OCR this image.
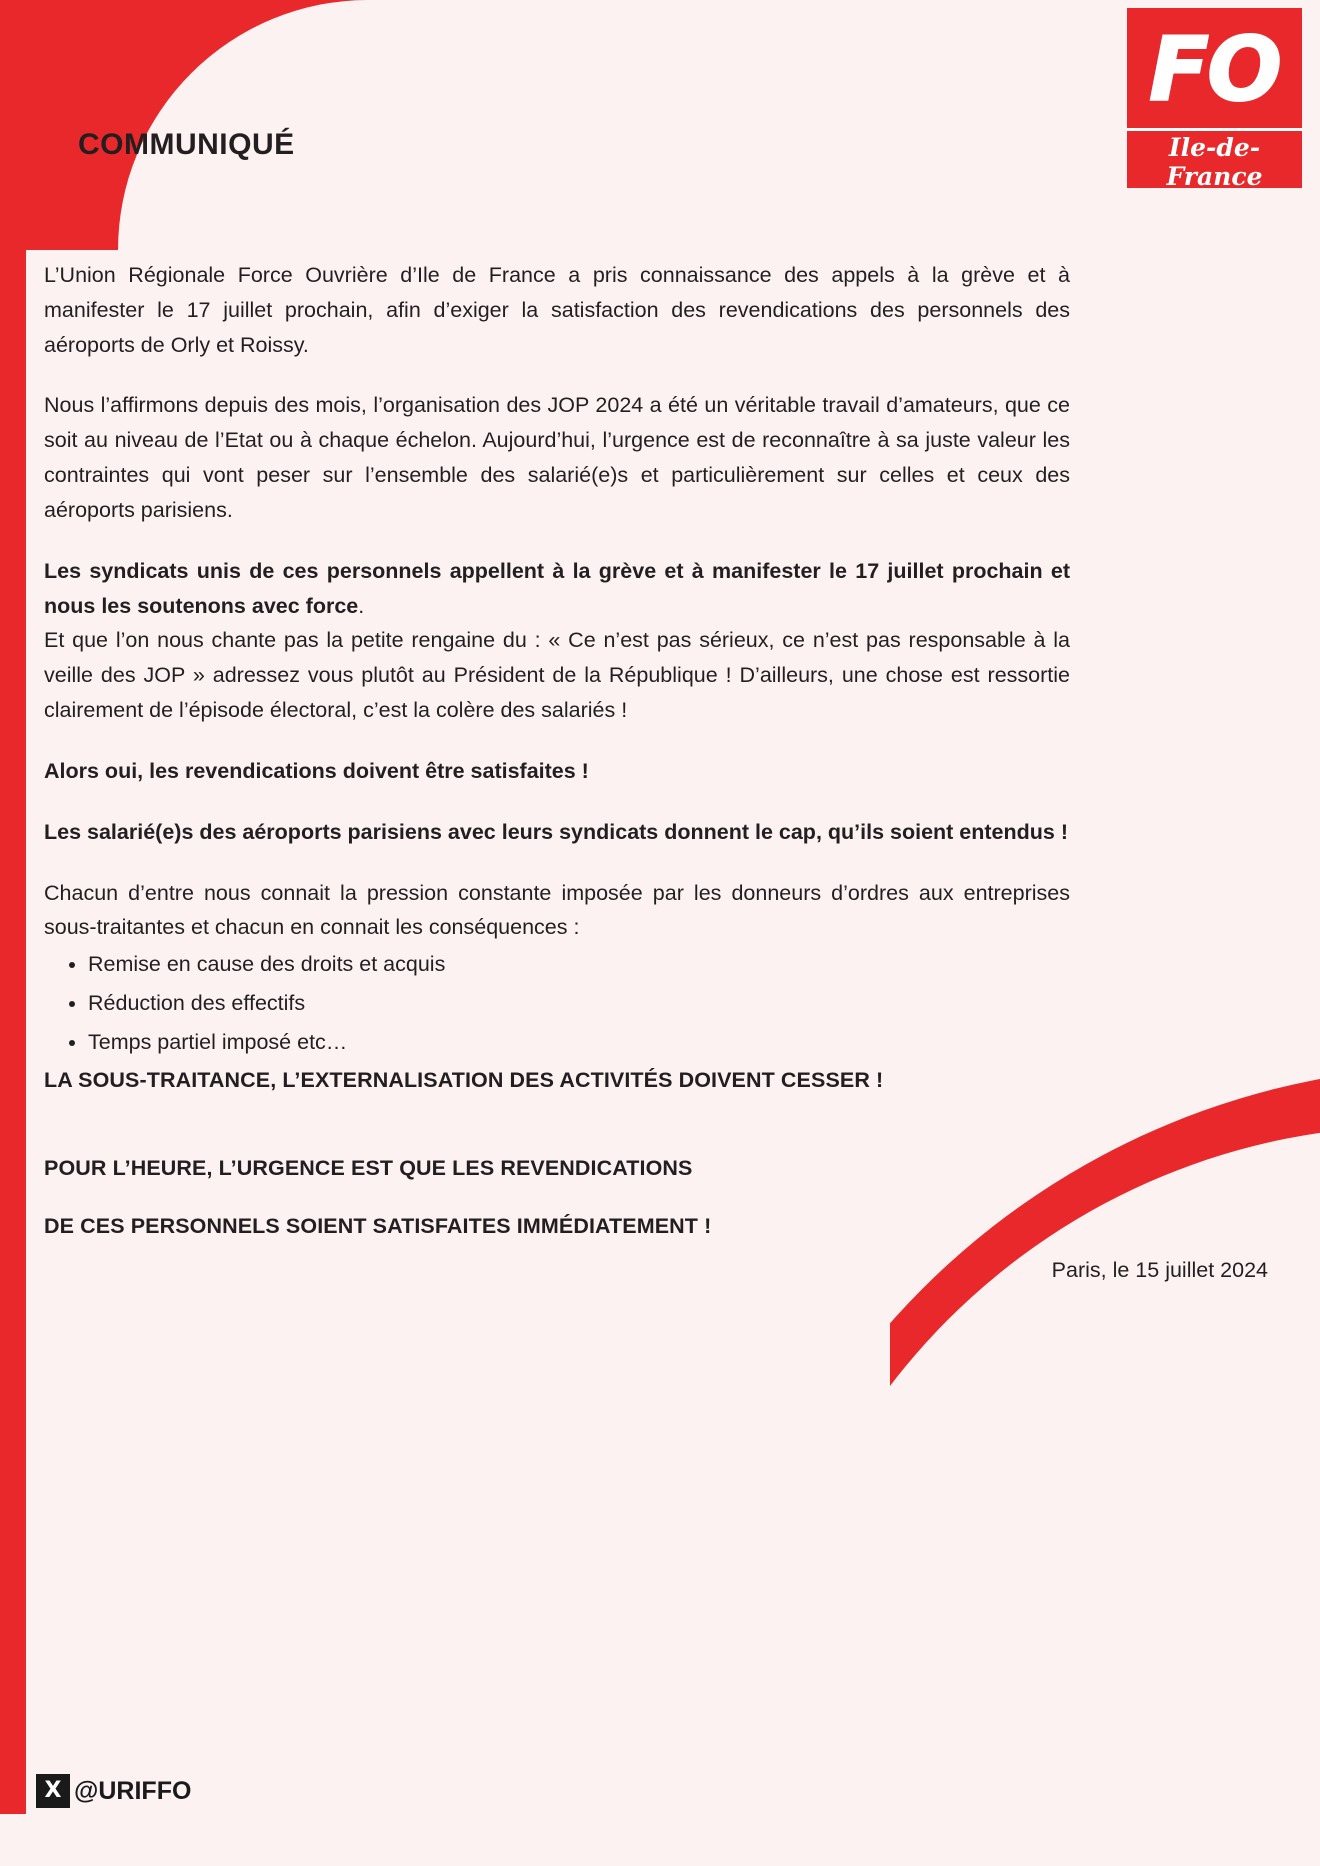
FO
Ile-de-France
COMMUNIQUÉ

L’Union Régionale Force Ouvrière d’Ile de France a pris connaissance des appels à la grève et à manifester le 17 juillet prochain, afin d’exiger la satisfaction des revendications des personnels des aéroports de Orly et Roissy.

Nous l’affirmons depuis des mois, l’organisation des JOP 2024 a été un véritable travail d’amateurs, que ce soit au niveau de l’Etat ou à chaque échelon. Aujourd’hui, l’urgence est de reconnaître à sa juste valeur les contraintes qui vont peser sur l’ensemble des salarié(e)s et particulièrement sur celles et ceux des aéroports parisiens.

Les syndicats unis de ces personnels appellent à la grève et à manifester le 17 juillet prochain et nous les soutenons avec force.

Et que l’on nous chante pas la petite rengaine du : « Ce n’est pas sérieux, ce n’est pas responsable à la veille des JOP » adressez vous plutôt au Président de la République ! D’ailleurs, une chose est ressortie clairement de l’épisode électoral, c’est la colère des salariés !

Alors oui, les revendications doivent être satisfaites !

Les salarié(e)s des aéroports parisiens avec leurs syndicats donnent le cap, qu’ils soient entendus !

Chacun d’entre nous connait la pression constante imposée par les donneurs d’ordres aux entreprises sous-traitantes et chacun en connait les conséquences :

• Remise en cause des droits et acquis
• Réduction des effectifs
• Temps partiel imposé etc…

LA SOUS-TRAITANCE, L’EXTERNALISATION DES ACTIVITÉS DOIVENT CESSER !

POUR L’HEURE, L’URGENCE EST QUE LES REVENDICATIONS

DE CES PERSONNELS SOIENT SATISFAITES IMMÉDIATEMENT !

Paris, le 15 juillet 2024
X @URIFFO
